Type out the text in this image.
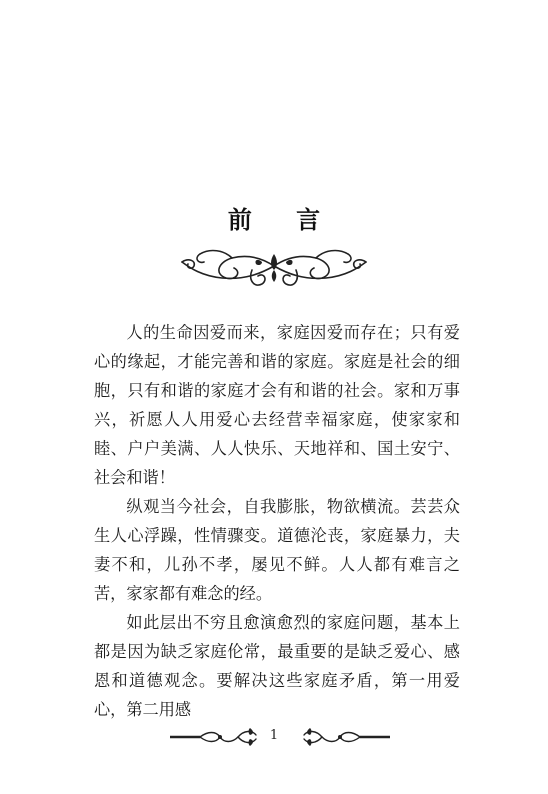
前 言

人的生命因爱而来，家庭因爱而存在；只有爱心的缘起，才能完善和谐的家庭。家庭是社会的细胞，只有和谐的家庭才会有和谐的社会。家和万事兴，祈愿人人用爱心去经营幸福家庭，使家家和睦、户户美满、人人快乐、天地祥和、国土安宁、社会和谐！

纵观当今社会，自我膨胀，物欲横流。芸芸众生人心浮躁，性情骤变。道德沦丧，家庭暴力，夫妻不和，儿孙不孝，屡见不鲜。人人都有难言之苦，家家都有难念的经。

如此层出不穷且愈演愈烈的家庭问题，基本上都是因为缺乏家庭伦常，最重要的是缺乏爱心、感恩和道德观念。要解决这些家庭矛盾，第一用爱心，第二用感

1
